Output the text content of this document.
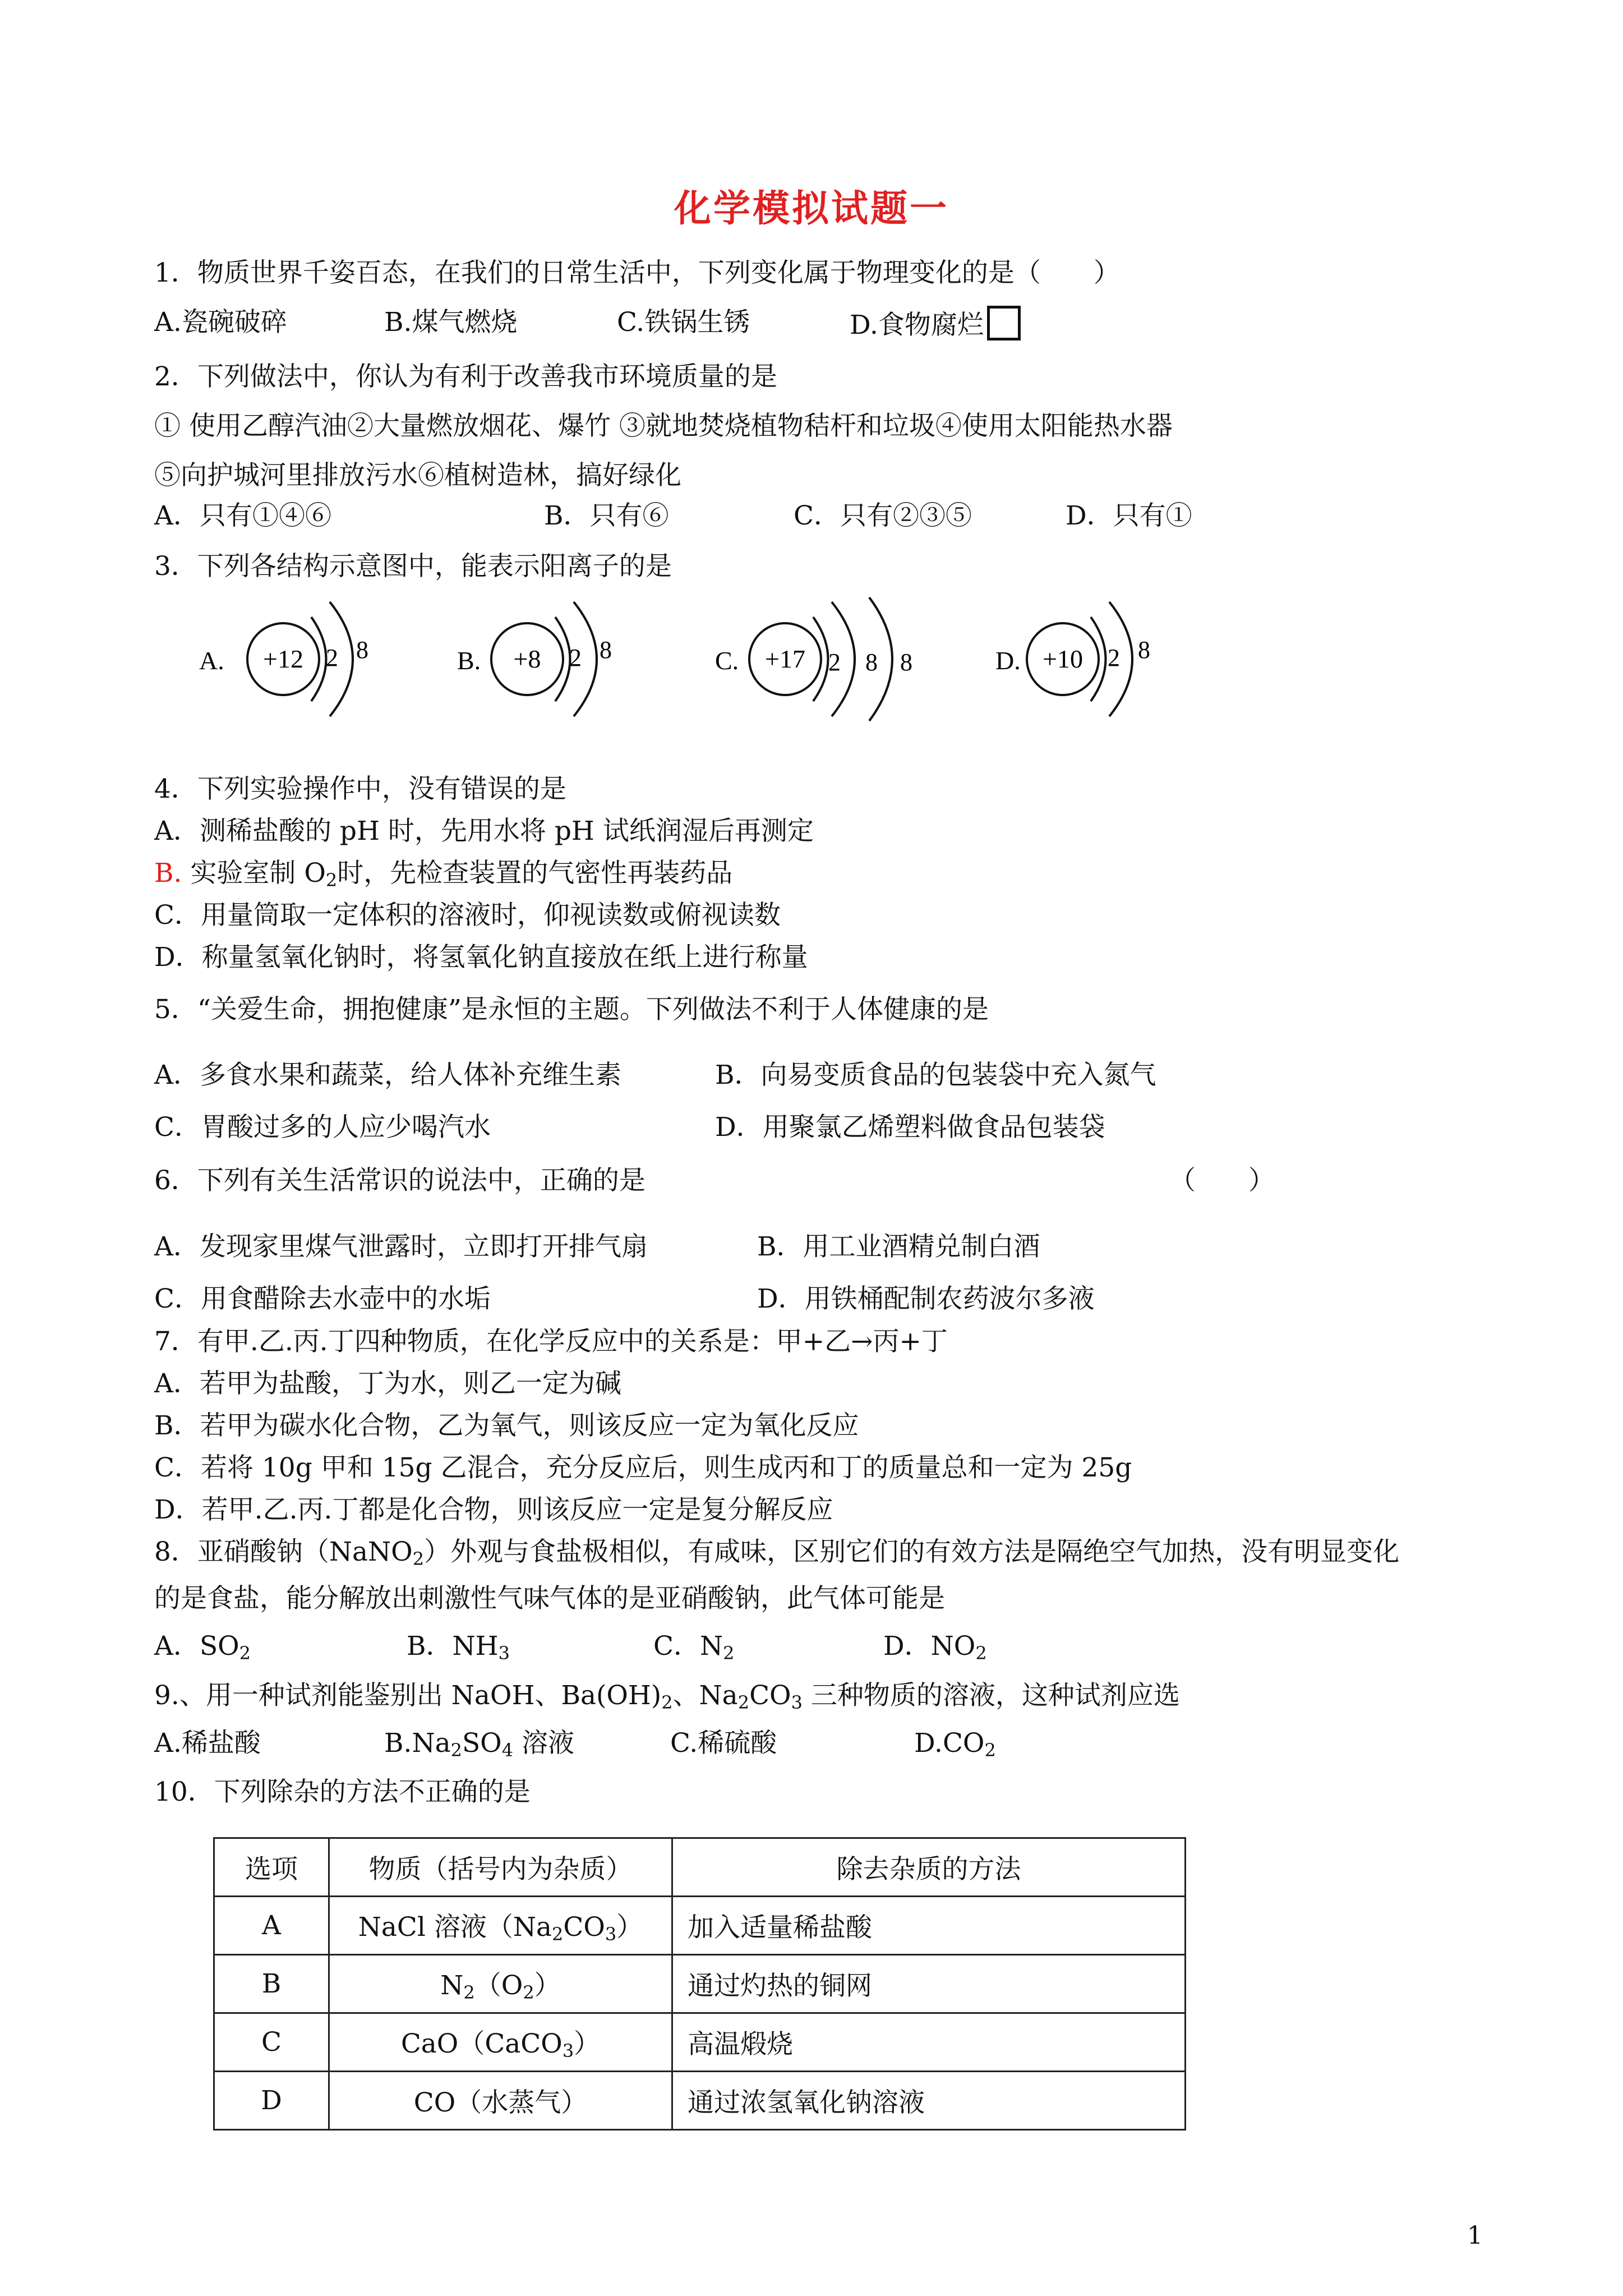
化学模拟试题一
1．物质世界千姿百态，在我们的日常生活中，下列变化属于物理变化的是（　　）
A.瓷碗破碎	B.煤气燃烧	C.铁锅生锈	D.食物腐烂
2．下列做法中，你认为有利于改善我市环境质量的是
① 使用乙醇汽油②大量燃放烟花、爆竹 ③就地焚烧植物秸杆和垃圾④使用太阳能热水器
⑤向护城河里排放污水⑥植树造林，搞好绿化
A．只有①④⑥	B．只有⑥	C．只有②③⑤	D．只有①
3．下列各结构示意图中，能表示阳离子的是
A. +12 2 8	B. +8 2 8	C. +17 2 8 8	D. +10 2 8
4．下列实验操作中，没有错误的是
A．测稀盐酸的 pH 时，先用水将 pH 试纸润湿后再测定
B. 实验室制 $O_2$时，先检查装置的气密性再装药品
C．用量筒取一定体积的溶液时，仰视读数或俯视读数
D．称量氢氧化钠时，将氢氧化钠直接放在纸上进行称量
5．“关爱生命，拥抱健康”是永恒的主题。下列做法不利于人体健康的是
A．多食水果和蔬菜，给人体补充维生素	B．向易变质食品的包装袋中充入氮气
C．胃酸过多的人应少喝汽水	D．用聚氯乙烯塑料做食品包装袋
6．下列有关生活常识的说法中，正确的是	（　　）
A．发现家里煤气泄露时，立即打开排气扇	B．用工业酒精兑制白酒
C．用食醋除去水壶中的水垢	D．用铁桶配制农药波尔多液
7．有甲.乙.丙.丁四种物质，在化学反应中的关系是：甲+乙→丙+丁
A．若甲为盐酸，丁为水，则乙一定为碱
B．若甲为碳水化合物，乙为氧气，则该反应一定为氧化反应
C．若将 10g 甲和 15g 乙混合，充分反应后，则生成丙和丁的质量总和一定为 25g
D．若甲.乙.丙.丁都是化合物，则该反应一定是复分解反应
8．亚硝酸钠（NaNO$_2$）外观与食盐极相似，有咸味，区别它们的有效方法是隔绝空气加热，没有明显变化
的是食盐，能分解放出刺激性气味气体的是亚硝酸钠，此气体可能是
A．$SO_2$	B．$NH_3$	C．$N_2$	D．$NO_2$
9.、用一种试剂能鉴别出 NaOH、$Ba(OH)_2$、$Na_2CO_3$ 三种物质的溶液，这种试剂应选
A.稀盐酸	$B.Na_2SO_4$ 溶液	C.稀硫酸	$D.CO_2$
10．下列除杂的方法不正确的是
选项	物质（括号内为杂质）	除去杂质的方法
A	NaCl 溶液$(Na_2CO_3)$	加入适量稀盐酸
B	$N_2(O_2)$	通过灼热的铜网
C	CaO（CaCO$_3$）	高温煅烧
D	CO（水蒸气）	通过浓氢氧化钠溶液
1
